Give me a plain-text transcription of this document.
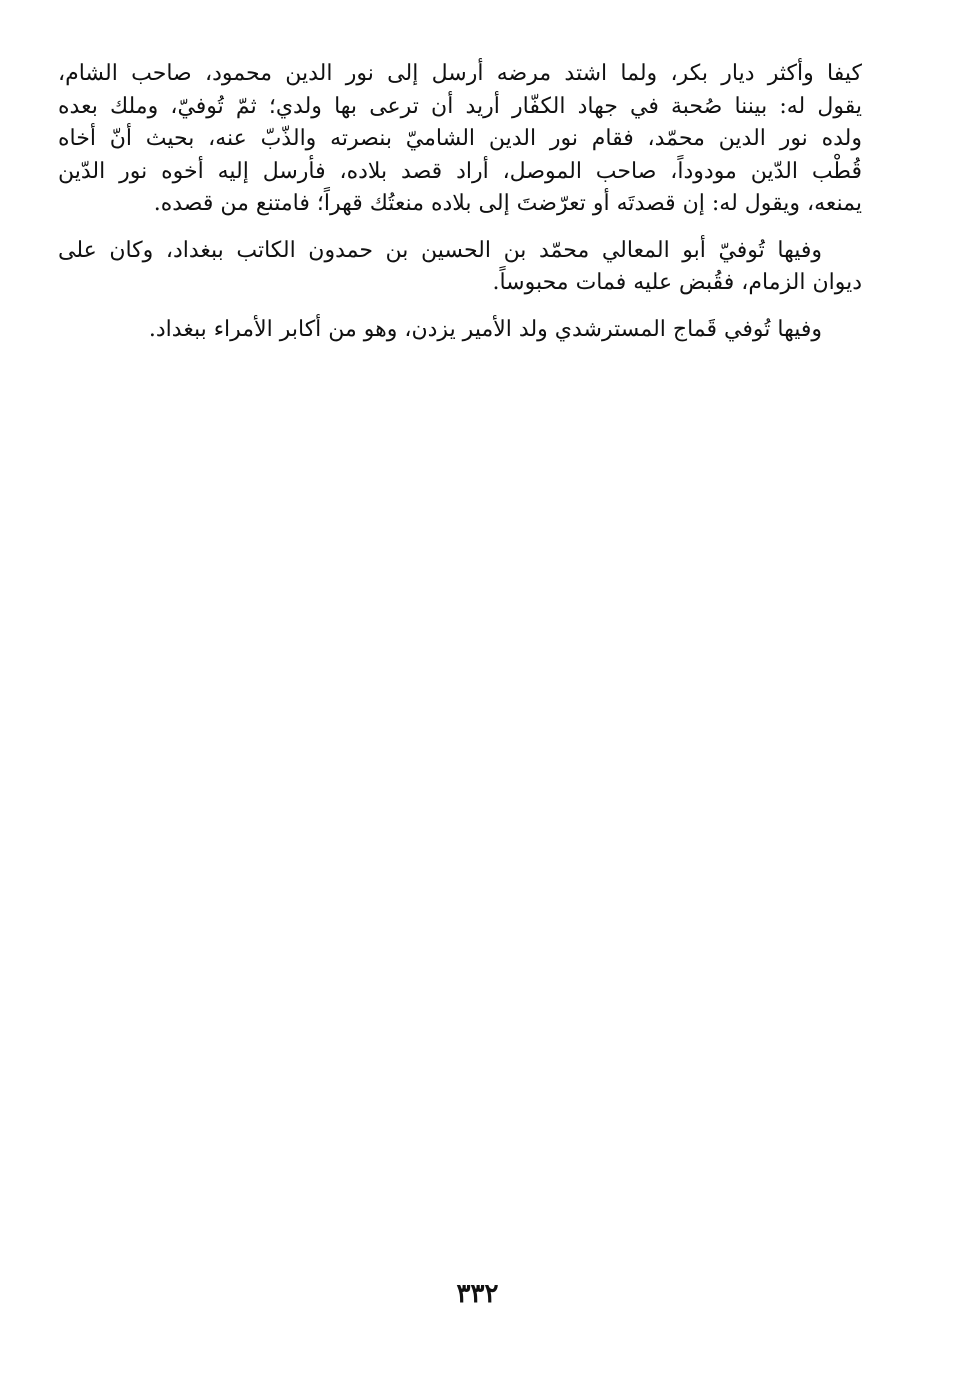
كيفا وأكثر ديار بكر، ولما اشتد مرضه أرسل إلى نور الدين محمود، صاحب الشام،
يقول له: بيننا صُحبة في جهاد الكفّار أريد أن ترعى بها ولدي؛ ثمّ تُوفيّ، وملك بعده
ولده نور الدين محمّد، فقام نور الدين الشاميّ بنصرته والذّبّ عنه، بحيث أنّ أخاه
قُطْب الدّين مودوداً، صاحب الموصل، أراد قصد بلاده، فأرسل إليه أخوه نور الدّين
يمنعه، ويقول له: إن قصدتَه أو تعرّضتَ إلى بلاده منعتُك قهراً؛ فامتنع من قصده.

وفيها تُوفيّ أبو المعالي محمّد بن الحسين بن حمدون الكاتب ببغداد، وكان على
ديوان الزمام، فقُبض عليه فمات محبوساً.

وفيها تُوفي قَماج المسترشدي ولد الأمير يزدن، وهو من أكابر الأمراء ببغداد.

٣٣٢
